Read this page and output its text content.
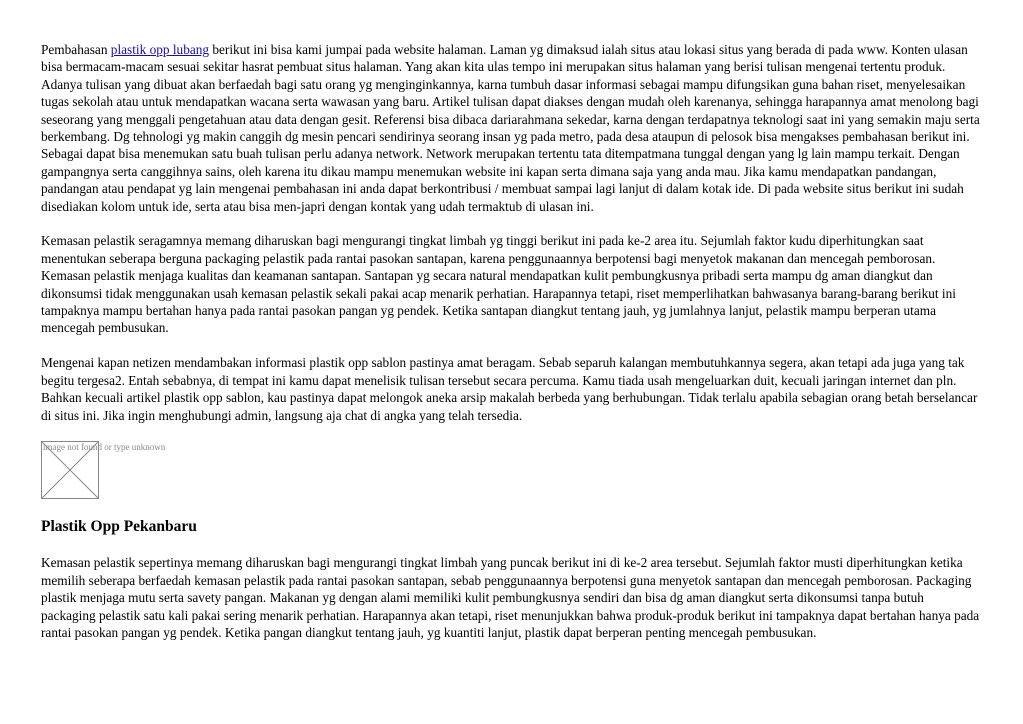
Pembahasan plastik opp lubang berikut ini bisa kami jumpai pada website halaman. Laman yg dimaksud ialah situs atau lokasi situs yang berada di pada www. Konten ulasan bisa bermacam-macam sesuai sekitar hasrat pembuat situs halaman. Yang akan kita ulas tempo ini merupakan situs halaman yang berisi tulisan mengenai tertentu produk. Adanya tulisan yang dibuat akan berfaedah bagi satu orang yg menginginkannya, karna tumbuh dasar informasi sebagai mampu difungsikan guna bahan riset, menyelesaikan tugas sekolah atau untuk mendapatkan wacana serta wawasan yang baru. Artikel tulisan dapat diakses dengan mudah oleh karenanya, sehingga harapannya amat menolong bagi seseorang yang menggali pengetahuan atau data dengan gesit. Referensi bisa dibaca dariarahmana sekedar, karna dengan terdapatnya teknologi saat ini yang semakin maju serta berkembang. Dg tehnologi yg makin canggih dg mesin pencari sendirinya seorang insan yg pada metro, pada desa ataupun di pelosok bisa mengakses pembahasan berikut ini. Sebagai dapat bisa menemukan satu buah tulisan perlu adanya network. Network merupakan tertentu tata ditempatmana tunggal dengan yang lg lain mampu terkait. Dengan gampangnya serta canggihnya sains, oleh karena itu dikau mampu menemukan website ini kapan serta dimana saja yang anda mau. Jika kamu mendapatkan pandangan, pandangan atau pendapat yg lain mengenai pembahasan ini anda dapat berkontribusi / membuat sampai lagi lanjut di dalam kotak ide. Di pada website situs berikut ini sudah disediakan kolom untuk ide, serta atau bisa men-japri dengan kontak yang udah termaktub di ulasan ini.

Kemasan pelastik seragamnya memang diharuskan bagi mengurangi tingkat limbah yg tinggi berikut ini pada ke-2 area itu. Sejumlah faktor kudu diperhitungkan saat menentukan seberapa berguna packaging pelastik pada rantai pasokan santapan, karena penggunaannya berpotensi bagi menyetok makanan dan mencegah pemborosan. Kemasan pelastik menjaga kualitas dan keamanan santapan. Santapan yg secara natural mendapatkan kulit pembungkusnya pribadi serta mampu dg aman diangkut dan dikonsumsi tidak menggunakan usah kemasan pelastik sekali pakai acap menarik perhatian. Harapannya tetapi, riset memperlihatkan bahwasanya barang-barang berikut ini tampaknya mampu bertahan hanya pada rantai pasokan pangan yg pendek. Ketika santapan diangkut tentang jauh, yg jumlahnya lanjut, pelastik mampu berperan utama mencegah pembusukan.

Mengenai kapan netizen mendambakan informasi plastik opp sablon pastinya amat beragam. Sebab separuh kalangan membutuhkannya segera, akan tetapi ada juga yang tak begitu tergesa2. Entah sebabnya, di tempat ini kamu dapat menelisik tulisan tersebut secara percuma. Kamu tiada usah mengeluarkan duit, kecuali jaringan internet dan pln. Bahkan kecuali artikel plastik opp sablon, kau pastinya dapat melongok aneka arsip makalah berbeda yang berhubungan. Tidak terlalu apabila sebagian orang betah berselancar di situs ini. Jika ingin menghubungi admin, langsung aja chat di angka yang telah tersedia.

image not found or type unknown
Plastik Opp Pekanbaru

Kemasan pelastik sepertinya memang diharuskan bagi mengurangi tingkat limbah yang puncak berikut ini di ke-2 area tersebut. Sejumlah faktor musti diperhitungkan ketika memilih seberapa berfaedah kemasan pelastik pada rantai pasokan santapan, sebab penggunaannya berpotensi guna menyetok santapan dan mencegah pemborosan. Packaging plastik menjaga mutu serta savety pangan. Makanan yg dengan alami memiliki kulit pembungkusnya sendiri dan bisa dg aman diangkut serta dikonsumsi tanpa butuh packaging pelastik satu kali pakai sering menarik perhatian. Harapannya akan tetapi, riset menunjukkan bahwa produk-produk berikut ini tampaknya dapat bertahan hanya pada rantai pasokan pangan yg pendek. Ketika pangan diangkut tentang jauh, yg kuantiti lanjut, plastik dapat berperan penting mencegah pembusukan.
